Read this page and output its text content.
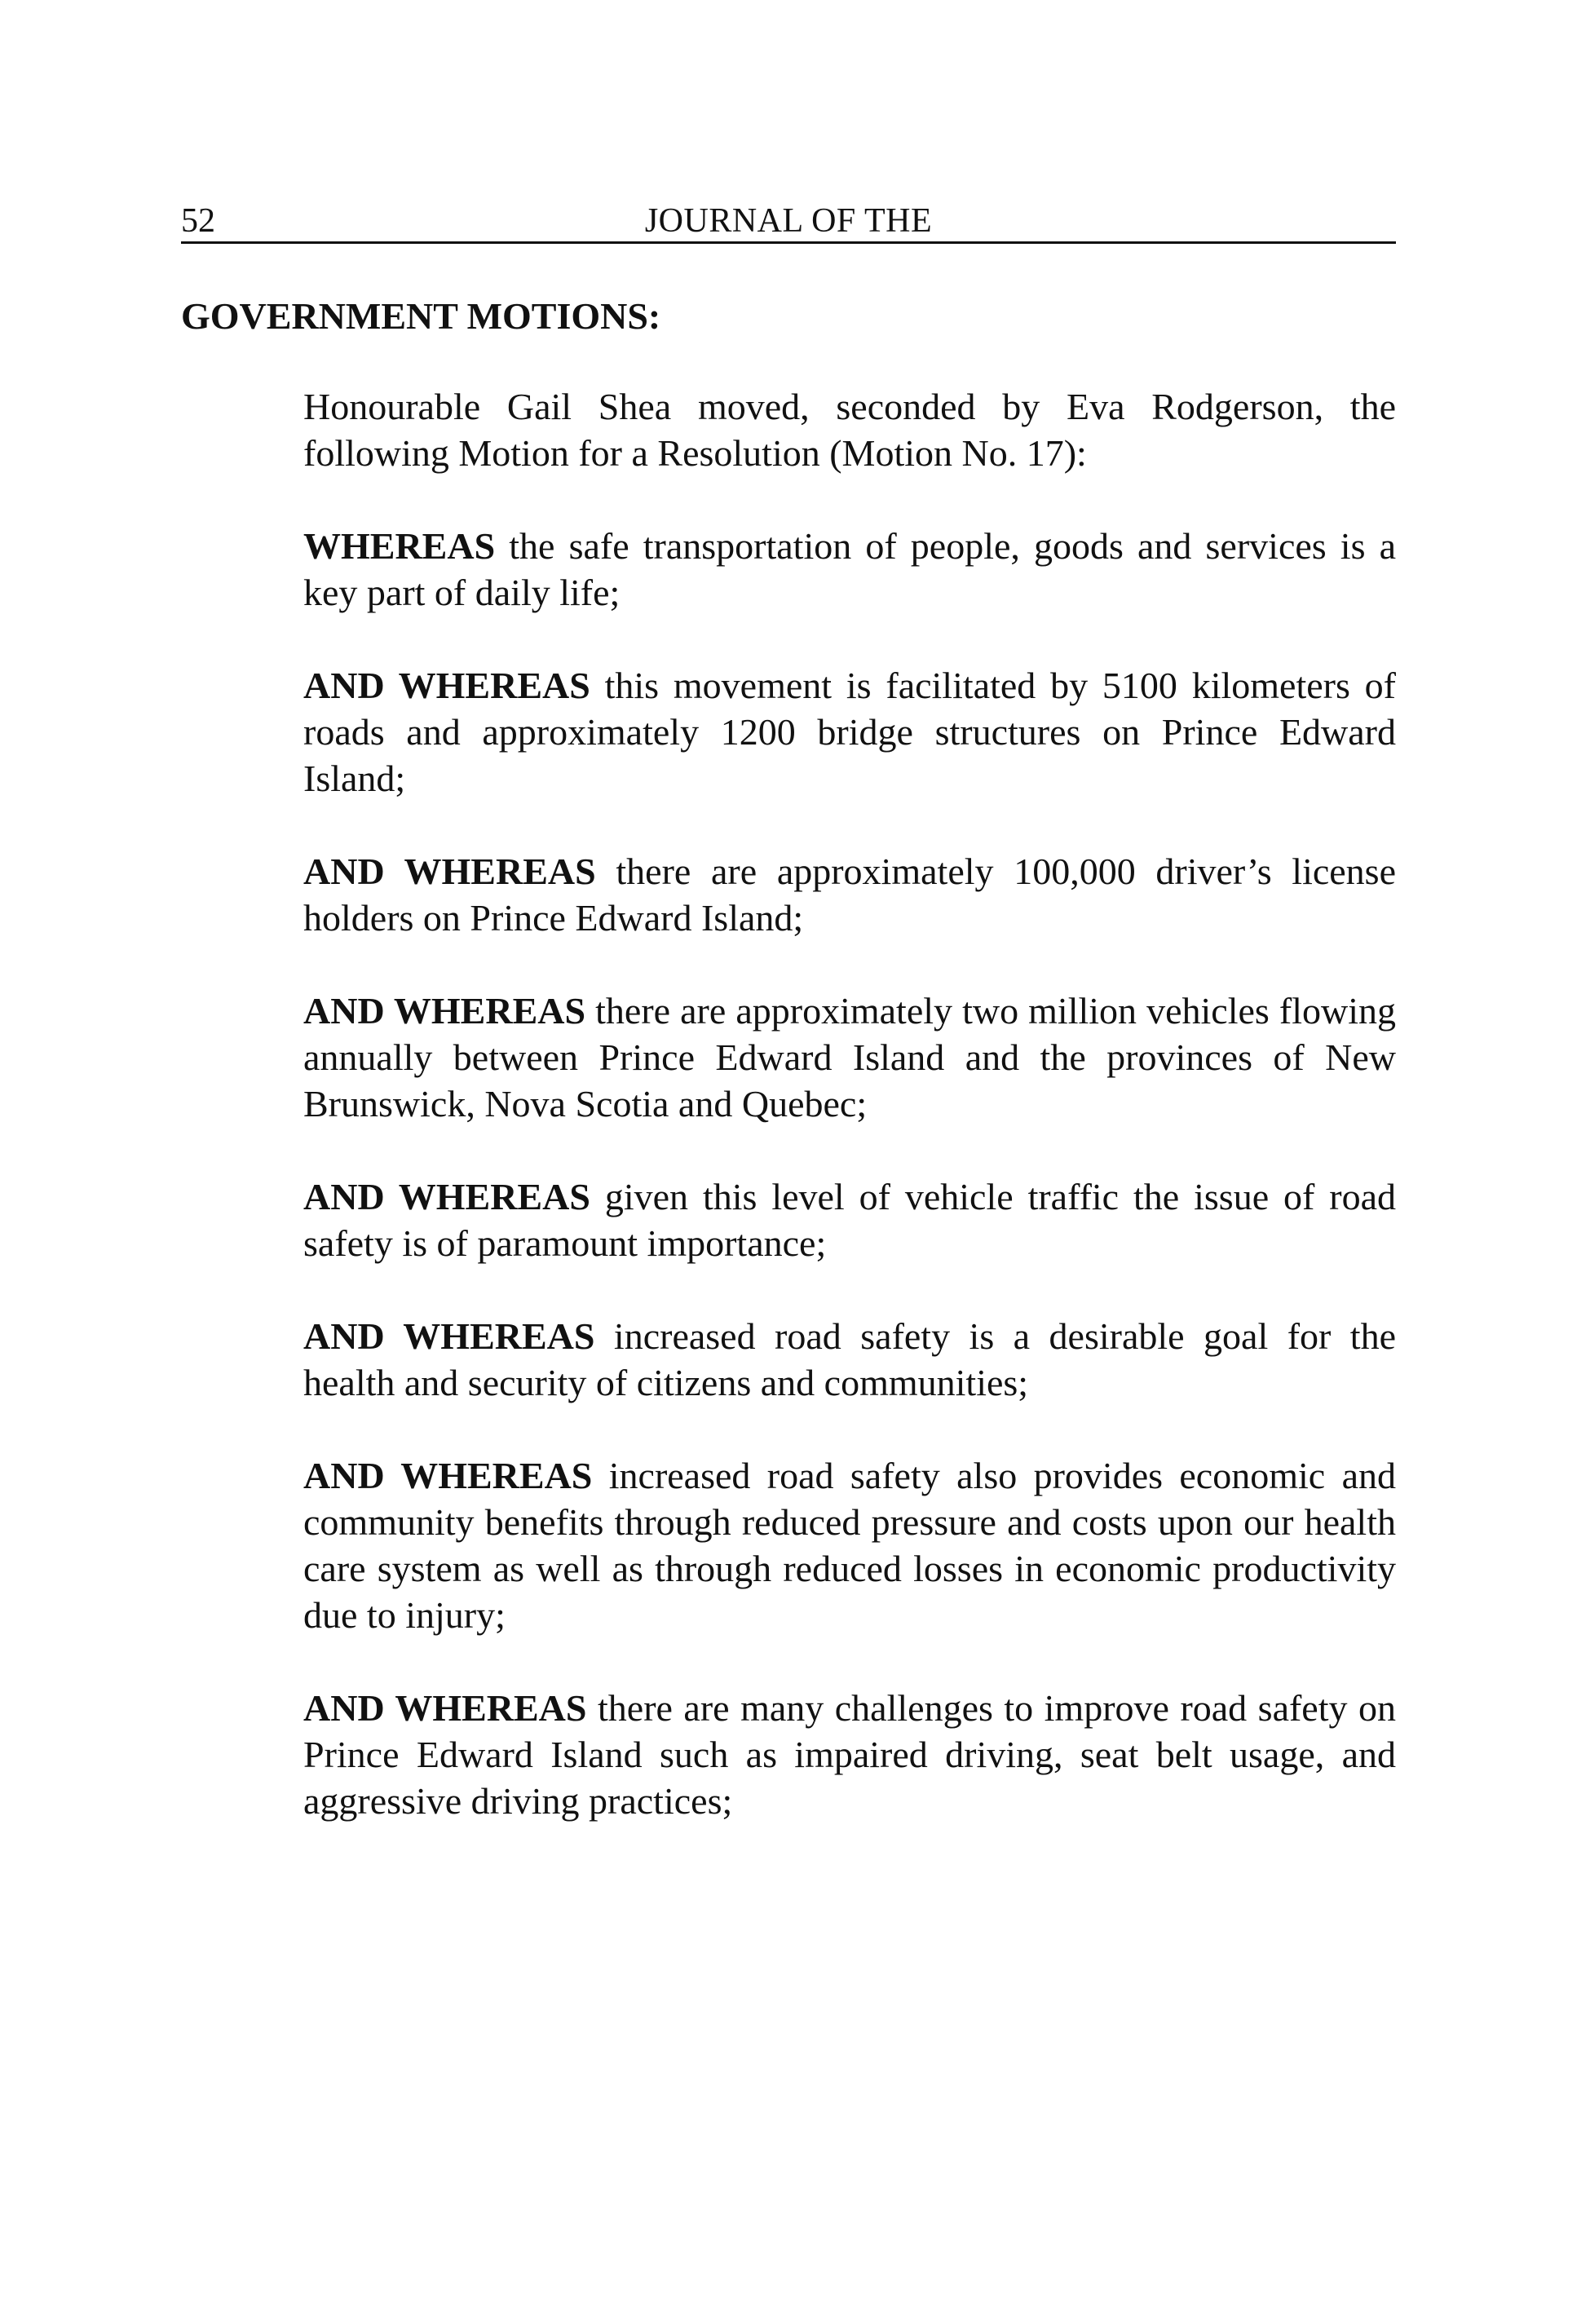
52	JOURNAL OF THE
GOVERNMENT MOTIONS:

Honourable Gail Shea moved, seconded by Eva Rodgerson, the following Motion for a Resolution (Motion No. 17):

WHEREAS the safe transportation of people, goods and services is a key part of daily life;

AND WHEREAS this movement is facilitated by 5100 kilometers of roads and approximately 1200 bridge structures on Prince Edward Island;

AND WHEREAS there are approximately 100,000 driver’s license holders on Prince Edward Island;

AND WHEREAS there are approximately two million vehicles flowing annually between Prince Edward Island and the provinces of New Brunswick, Nova Scotia and Quebec;

AND WHEREAS given this level of vehicle traffic the issue of road safety is of paramount importance;

AND WHEREAS increased road safety is a desirable goal for the health and security of citizens and communities;

AND WHEREAS increased road safety also provides economic and community benefits through reduced pressure and costs upon our health care system as well as through reduced losses in economic productivity due to injury;

AND WHEREAS there are many challenges to improve road safety on Prince Edward Island such as impaired driving, seat belt usage, and aggressive driving practices;
